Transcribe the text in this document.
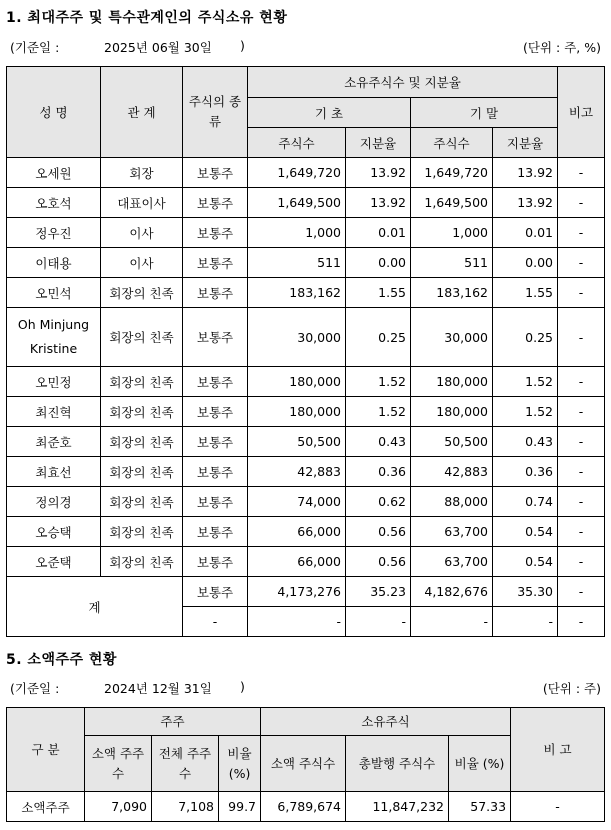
1. 최대주주 및 특수관계인의 주식소유 현황
(기준일 :	2025년 06월 30일 )	(단위 : 주, %)
성 명	관 계	주식의 종류	소유주식수 및 지분율				비고
			기 초		기 말		
			주식수	지분율	주식수	지분율	
오세원	회장	보통주	1,649,720	13.92	1,649,720	13.92	-
오호석	대표이사	보통주	1,649,500	13.92	1,649,500	13.92	-
정우진	이사	보통주	1,000	0.01	1,000	0.01	-
이태용	이사	보통주	511	0.00	511	0.00	-
오민석	회장의 친족	보통주	183,162	1.55	183,162	1.55	-
Oh Minjung Kristine	회장의 친족	보통주	30,000	0.25	30,000	0.25	-
오민정	회장의 친족	보통주	180,000	1.52	180,000	1.52	-
최진혁	회장의 친족	보통주	180,000	1.52	180,000	1.52	-
최준호	회장의 친족	보통주	50,500	0.43	50,500	0.43	-
최효선	회장의 친족	보통주	42,883	0.36	42,883	0.36	-
정의경	회장의 친족	보통주	74,000	0.62	88,000	0.74	-
오승택	회장의 친족	보통주	66,000	0.56	63,700	0.54	-
오준택	회장의 친족	보통주	66,000	0.56	63,700	0.54	-
계		보통주	4,173,276	35.23	4,182,676	35.30	-
		-	-	-	-	-	-
5. 소액주주 현황
(기준일 :	2024년 12월 31일 )	(단위 : 주)
구 분	주주			소유주식			비 고
	소액 주주수	전체 주주수	비율 (%)	소액 주식수	총발행 주식수	비율 (%)	
소액주주	7,090	7,108	99.7	6,789,674	11,847,232	57.33	-
